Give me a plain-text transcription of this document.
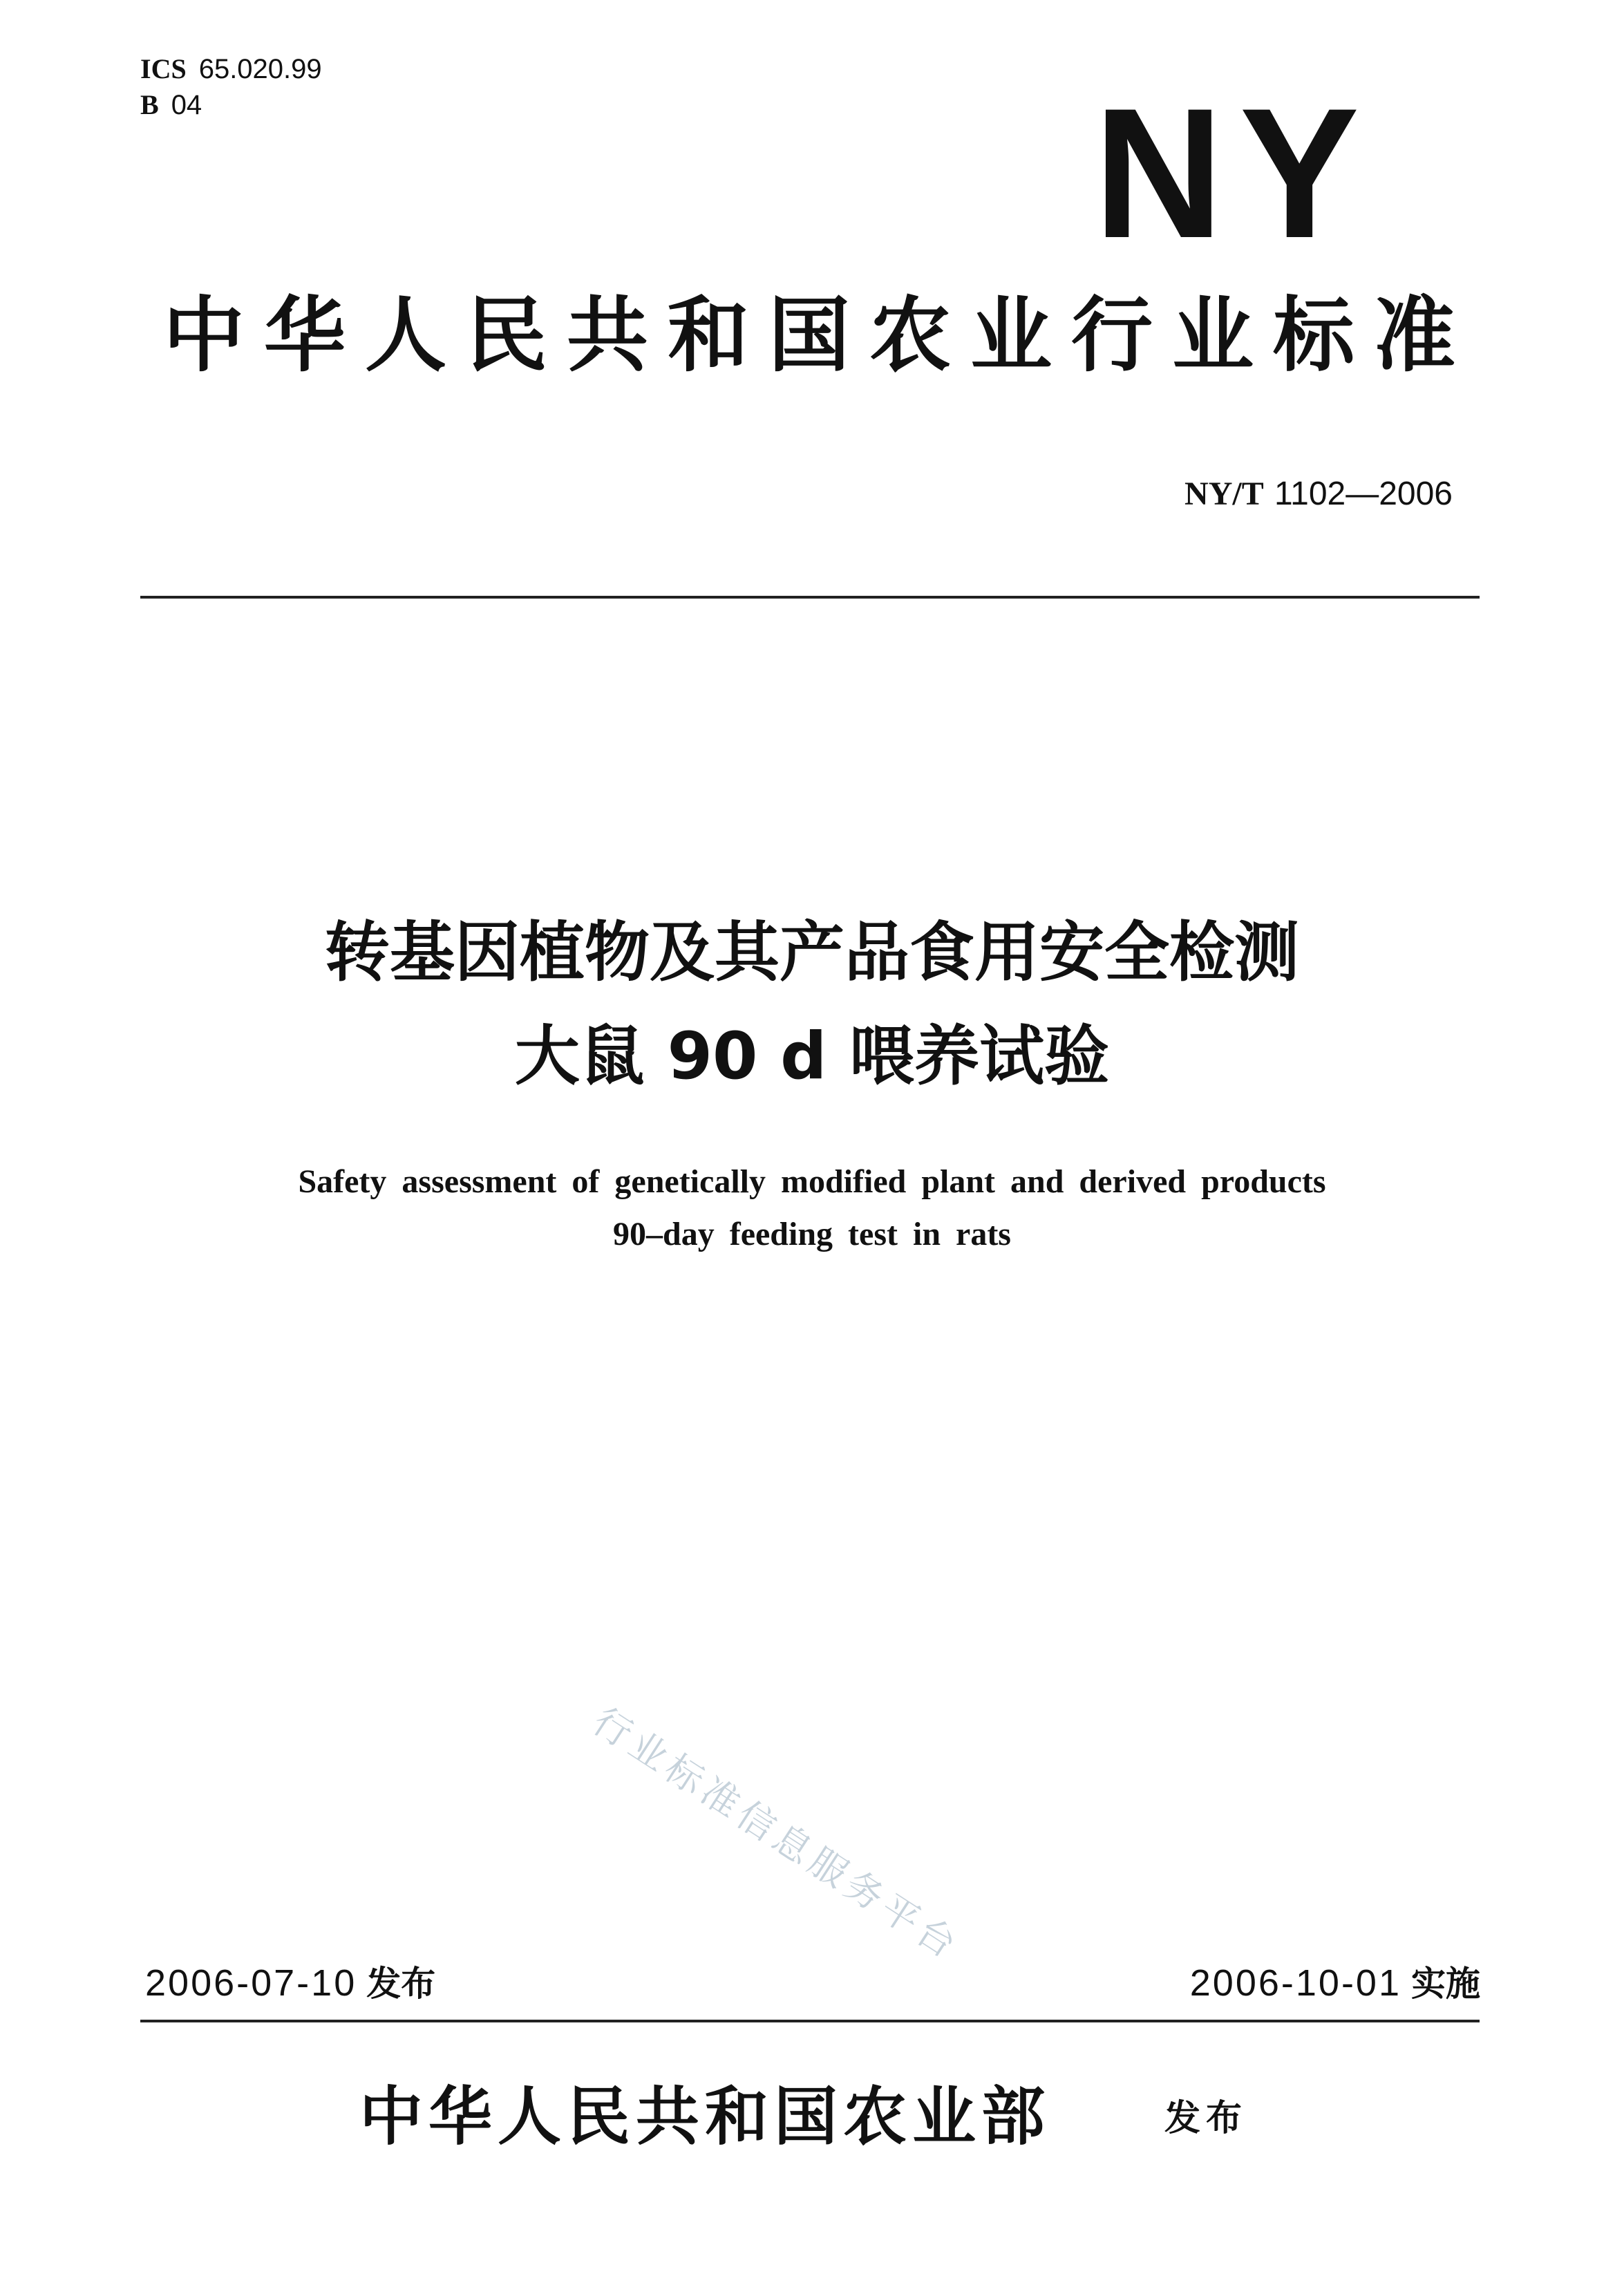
ICS 65.020.99

B 04	NY
中华人民共和国农业行业标准

NY/T 1102—2006

转基因植物及其产品食用安全检测
大鼠 90 d 喂养试验
Safety assessment of genetically modified plant and derived products
90–day feeding test in rats
行业标准信息服务平台

2006-07-10 发布	2006-10-01 实施

中华人民共和国农业部	发布
